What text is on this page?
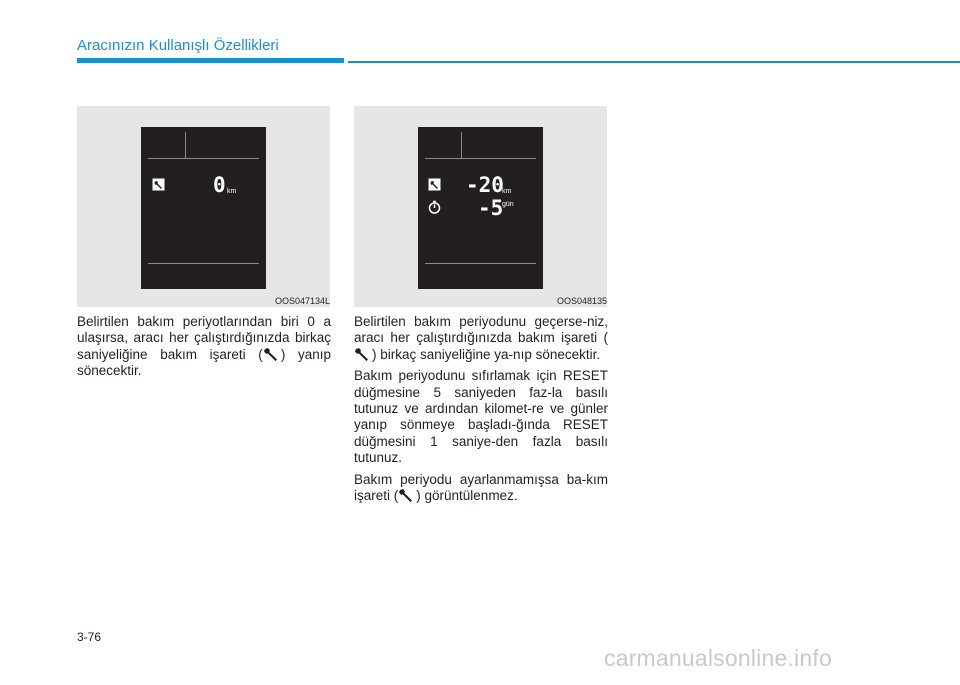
Aracınızın Kullanışlı Özellikleri
0 km
OOS047134L
-20
km
-5
gün
OOS048135

Belirtilen bakım periyotlarından biri 0 a ulaşırsa, aracı her çalıştırdığınızda birkaç saniyeliğine bakım işareti ( ) yanıp sönecektir.

Belirtilen bakım periyodunu geçerse-niz, aracı her çalıştırdığınızda bakım işareti () birkaç saniyeliğine ya-nıp sönecektir.

Bakım periyodunu sıfırlamak için RESET düğmesine 5 saniyeden faz-la basılı tutunuz ve ardından kilomet-re ve günler yanıp sönmeye başladı-ğında RESET düğmesini 1 saniye-den fazla basılı tutunuz.

Bakım periyodu ayarlanmamışsa ba-kım işareti ( ) görüntülenmez.

3-76
carmanualsonline.info
